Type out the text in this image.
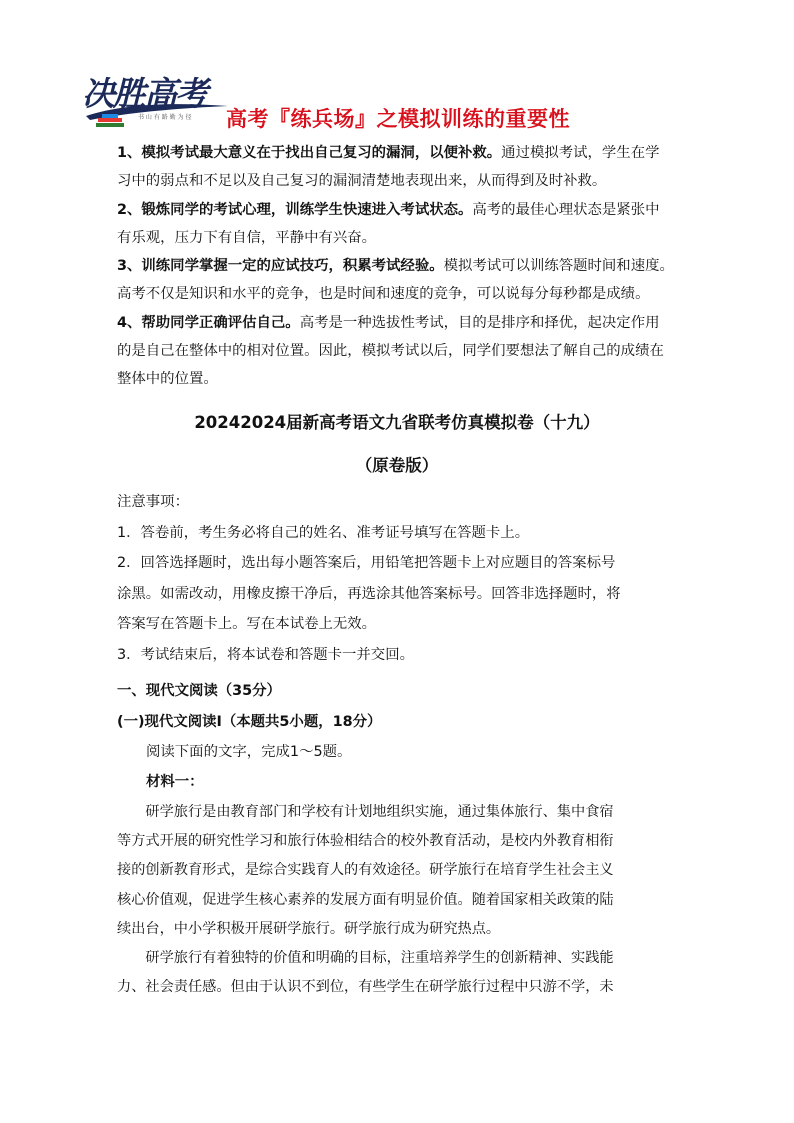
决胜高考
书 山 有 路 勤 为 径 高考『练兵场』之模拟训练的重要性

1、模拟考试最大意义在于找出自己复习的漏洞，以便补救。通过模拟考试，学生在学

习中的弱点和不足以及自己复习的漏洞清楚地表现出来，从而得到及时补救。

2、锻炼同学的考试心理，训练学生快速进入考试状态。高考的最佳心理状态是紧张中

有乐观，压力下有自信，平静中有兴奋。

3、训练同学掌握一定的应试技巧，积累考试经验。模拟考试可以训练答题时间和速度。

高考不仅是知识和水平的竞争，也是时间和速度的竞争，可以说每分每秒都是成绩。

4、帮助同学正确评估自己。高考是一种选拔性考试，目的是排序和择优，起决定作用

的是自己在整体中的相对位置。因此，模拟考试以后，同学们要想法了解自己的成绩在

整体中的位置。

20242024届新高考语文九省联考仿真模拟卷（十九）
（原卷版）

注意事项：

1．答卷前，考生务必将自己的姓名、准考证号填写在答题卡上。

2．回答选择题时，选出每小题答案后，用铅笔把答题卡上对应题目的答案标号

涂黑。如需改动，用橡皮擦干净后，再选涂其他答案标号。回答非选择题时，将

答案写在答题卡上。写在本试卷上无效。

3．考试结束后，将本试卷和答题卡一并交回。

一、现代文阅读（35分）
(一)现代文阅读Ⅰ（本题共5小题，18分）
阅读下面的文字，完成1～5题。
材料一：

　　研学旅行是由教育部门和学校有计划地组织实施，通过集体旅行、集中食宿

等方式开展的研究性学习和旅行体验相结合的校外教育活动，是校内外教育相衔

接的创新教育形式，是综合实践育人的有效途径。研学旅行在培育学生社会主义

核心价值观，促进学生核心素养的发展方面有明显价值。随着国家相关政策的陆

续出台，中小学积极开展研学旅行。研学旅行成为研究热点。

　　研学旅行有着独特的价值和明确的目标，注重培养学生的创新精神、实践能

力、社会责任感。但由于认识不到位，有些学生在研学旅行过程中只游不学，未
